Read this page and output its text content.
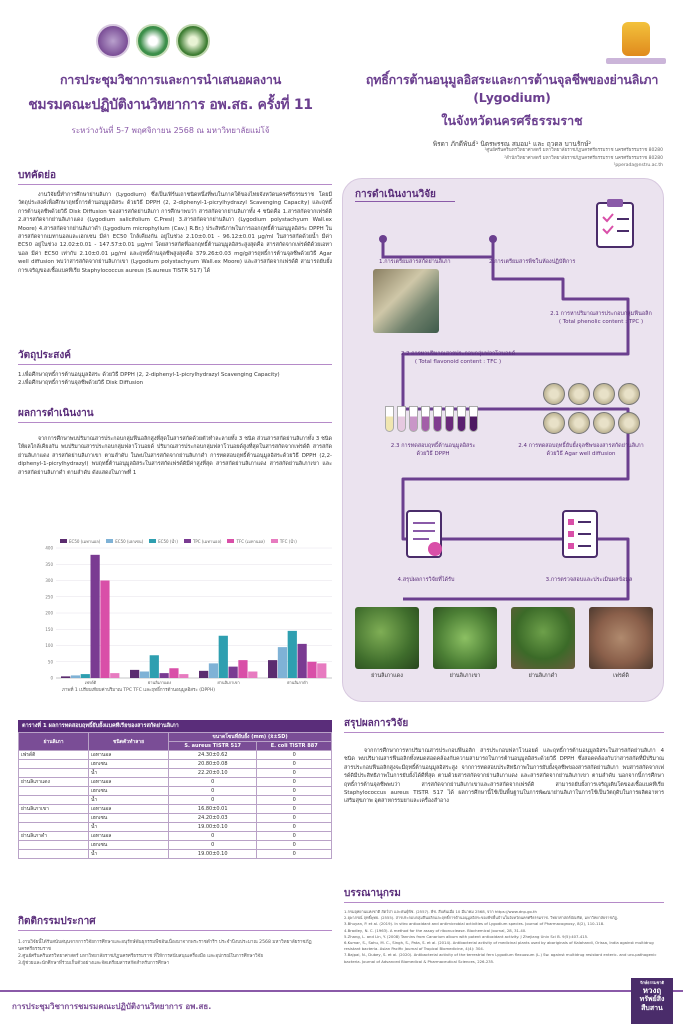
การประชุมวิชาการและการนำเสนอผลงาน
ชมรมคณะปฏิบัติงานวิทยาการ อพ.สธ. ครั้งที่ 11
ระหว่างวันที่ 5-7 พฤศจิกายน 2568 ณ มหาวิทยาลัยแม่โจ้
ฤทธิ์การต้านอนุมูลอิสระและการต้านจุลชีพของย่านลิเภา (Lygodium)
ในจังหวัดนครศรีธรรมราช
พิรดา ภักดีพันธ์¹ นิตรพรรณ สมอม¹ และ ฤวดล บานรักษ์²
¹ศูนย์ศรีนครินทรวิทยาศาสตร์ มหาวิทยาลัยราชภัฏนครศรีธรรมราช นครศรีธรรมราช 80280
²สำนักวิทยาศาสตร์ มหาวิทยาลัยราชภัฏนครศรีธรรมราช นครศรีธรรมราช 80280
¹pperada@nstru.ac.th
บทคัดย่อ
งานวิจัยนี้ทำการศึกษาย่านลิเภา (Lygodium) ซึ่งเป็นเฟิร์นเถาชนิดหนึ่งที่พบในภาคใต้ของไทยจังหวัดนครศรีธรรมราช โดยมีวัตถุประสงค์เพื่อศึกษาฤทธิ์การต้านอนุมูลอิสระ ด้วยวิธี DPPH (2, 2-diphenyl-1-picrylhydrazyl Scavenging Capacity) และฤทธิ์การต้านจุลชีพด้วยวิธี Disk Diffusion ของสารสกัดย่านลิเภา การศึกษาพบว่า สารสกัดจากย่านลิเภาทั้ง 4 ชนิดคือ 1.สารสกัดจากเฟรด์ดิ 2.สารสกัดจากย่านลิเภาแดง (Lygodium salicifolium C.Presl) 3.สารสกัดจากย่านลิเภา (Lygodium polystachyum Wall.ex Moore) 4.สารสกัดจากย่านลิเภาดำ (Lygodium microphyllum (Cav.) R.Br.) ประสิทธิภาพในการออกฤทธิ์ต้านอนุมูลอิสระ DPPH ในสารสกัดจากเมทานอลและเฮกเซน มีค่า EC50 ใกล้เคียงกัน อยู่ในช่วง 2.10±0.01 - 96.12±0.01 μg/ml ในสารสกัดด้วยน้ำ มีค่า EC50 อยู่ในช่วง 12.02±0.01 - 147.57±0.01 μg/ml โดยสารสกัดที่ออกฤทธิ์ต้านอนุมูลอิสระสูงสุดคือ สารสกัดจากเฟรด์ดิด้วยเอทานอล มีค่า EC50 เท่ากับ 2.10±0.01 μg/ml และฤทธิ์ด้านจุลชีพสูงสุดคือ 379.26±0.03 mg/gสารฤทธิ์การต้านจุลชีพด้วยวิธี Agar well diffusion พบว่าสารสกัดจากย่านลิเภาเขา (Lygodium polystachyum Wall.ex Moore) และสารสกัดจากเฟรด์ดิ สามารถยับยั้งการเจริญของเชื้อแบคทีเรีย Staphylococcus aureus (S.aureus TISTR 517) ได้
วัตถุประสงค์
1.เพื่อศึกษาฤทธิ์การต้านอนุมูลอิสระ ด้วยวิธี DPPH (2, 2-diphenyl-1-picrylhydrazyl Scavenging Capacity)
2.เพื่อศึกษาฤทธิ์การต้านจุลชีพด้วยวิธี Disk Diffusion
ผลการดำเนินงาน
จากการศึกษาพบปริมาณสารประกอบกลุ่มฟีนอลิกสูงที่สุดในสารสกัดด้วยตัวทำละลายทั้ง 3 ชนิด ส่วนสารสกัดย่านลิเภาทั้ง 3 ชนิดให้ผลใกล้เคียงกัน พบปริมาณสารประกอบกลุ่มฟลาโวนอยด์ ปริมาณสารประกอบกลุ่มฟลาโวนอยด์สูงที่สุดในสารสกัดจากเฟรด์ดิ สารสกัดย่านลิเภาแดง สารสกัดย่านลิเภาเขา ตามลำดับ ในพบในสารสกัดจากย่านลิเภาดำ การทดสอบฤทธิ์ต้านอนุมูลอิสระด้วยวิธี DPPH (2,2-diphenyl-1-picrylhydrazyl) พบฤทธิ์ต้านอนุมูลอิสระในสารสกัดเฟรด์ดิมีค่าสูงที่สุด สารสกัดย่านลิเภาแดง สารสกัดย่านลิเภาเขา และ สารสกัดย่านลิเภาดำ ตามลำดับ ดังแสดงในภาพที่ 1
EC50 (เมทานอล)	EC50 (เฮกเซน)	EC50 (น้ำ)	TPC (เมทานอล)	TFC (เมทานอล)	TFC (น้ำ)
0
50
100
150
200
250
300
350
400
เฟรด์ดิ	ย่านลิเภาแดง	ย่านลิเภาเขา	ย่านลิเภาดำ
ภาพที่ 1 เปรียบเทียบค่าปริมาณ TPC TFC และฤทธิ์การต้านอนุมูลอิสระ (DPPH)
ตารางที่ 1 ผลการทดสอบฤทธิ์ยับยั้งแบคทีเรียของสารสกัดย่านลิเภา
ย่านลิเภา	ชนิดตัวทำลาย	ขนาดโซนที่ยับยั้ง (mm) (x̄±SD)	
		S. aureus TISTR 517	E. coli TISTR 887
เฟรด์ดิ	เอทานอล	24.30±0.62	0
	เฮกเซน	20.80±0.08	0
	น้ำ	22.20±0.10	0
ย่านลิเภาแดง	เอทานอล	0	0
	เฮกเซน	0	0
	น้ำ	0	0
ย่านลิเภาเขา	เอทานอล	16.80±0.01	0
	เฮกเซน	24.20±0.03	0
	น้ำ	19.00±0.10	0
ย่านลิเภาดำ	เอทานอล	0	0
	เฮกเซน	0	0
	น้ำ	19.00±0.10	0
กิตติกรรมประกาศ
1.งานวิจัยนี้ได้รับสนับสนุนจากการวิจัยการศึกษาและอนุรักษ์พันธุกรรมพืชอันเนื่องมาจากพระราชดำริฯ ประจำปีงบประมาณ 2568 มหาวิทยาลัยราชภัฏนครศรีธรรมราช
2.ศูนย์ศรีนครินทรวิทยาศาสตร์ มหาวิทยาลัยราชภัฏนครศรีธรรมราช ที่ให้การสนับสนุนเครื่องมือ และอุปกรณ์ในการศึกษาวิจัย
3.ผู้ช่วยและนักศึกษาที่ร่วมเก็บตัวอย่างและจัดเตรียมสารสกัดสำหรับการศึกษา
การดำเนินงานวิจัย
1.การเตรียมสารสกัดย่านลิเภา	2.การเตรียมสารพืชในห้องปฏิบัติการ
2.1 การหาปริมาณสารประกอบกลุ่มฟีนอลิก
( Total phenolic content : TPC )
2.2 การหาปริมาณสารประกอบกลุ่มฟลาโวนอยด์
( Total flavonoid content : TFC )
2.3 การทดสอบฤทธิ์ต้านอนุมูลอิสระ
ด้วยวิธี DPPH
2.4 การทดสอบฤทธิ์ยับยั้งจุลชีพของสารสกัดย่านลิเภา
ด้วยวิธี Agar well diffusion
4.สรุปผลการวิจัยที่ได้รับ	3.การตรวจสอบและประเมินผลข้อมูล
ย่านลิเภาแดง	ย่านลิเภาเขา	ย่านลิเภาดำ	เฟรด์ดิ
สรุปผลการวิจัย
จากการศึกษาการหาปริมาณสารประกอบฟีนอลิก สารประกอบฟลาโวนอยด์ และฤทธิ์การต้านอนุมูลอิสระในสารสกัดย่านลิเภา 4 ชนิด พบปริมาณสารฟีนอลิกทั้งหมดสอดคล้องกับความสามารถในการต้านอนุมูลอิสระด้วยวิธี DPPH ซึ่งสอดคล้องกับว่าสารสกัดที่มีปริมาณสารประกอบฟีนอลิกสูงจะมีฤทธิ์ต้านอนุมูลอิสระสูง จากการทดสอบประสิทธิภาพในการยับยั้งจุลชีพของสารสกัดย่านลิเภา พบสารสกัดจากเฟรด์ดิมีประสิทธิภาพในการยับยั้งได้ดีที่สุด ตามด้วยสารสกัดจากย่านลิเภาแดง และสารสกัดจากย่านลิเภาเขา ตามลำดับ นอกจากนี้การศึกษาฤทธิ์การต้านจุลชีพพบว่า สารสกัดจากย่านลิเภาเขาและสารสกัดจากเฟรด์ดิ สามารถยับยั้งการเจริญเติบโตของเชื้อแบคทีเรีย Staphylococcus aureus TISTR 517 ได้ ผลการศึกษานี้ใช้เป็นพื้นฐานในการพัฒนาย่านลิเภาในการใช้เป็นวัตถุดิบในการผลิตอาหารเสริมสุขภาพ อุตสาหกรรมยาและเครื่องสำอาง
บรรณานุกรม
1.กรมอุทยานแห่งชาติ สัตว์ป่า และพันธุ์พืช. (2557). พืช. สืบค้นเมื่อ 10 มีนาคม 2568, จาก https://www.dnp.go.th
2.ยุพาภรณ์ ฤทธิ์พุทธ. (2555). สารประกอบกลุ่มฟีนอลิกและฤทธิ์การต้านอนุมูลอิสระของพืชพื้นบ้านในจังหวัดนครศรีธรรมราช. วิทยาศาสตร์บัณฑิต, มหาวิทยาลัยราชภัฏ.
3.Bhuyan, P. et al. (2019). In vitro antioxidant and antimicrobial activities of Lygodium species. Journal of Pharmacognosy, 8(2), 110-118.
4.Bradley, N. C. (1963). A method for the assay of ribonuclease. Biochemical Journal, 28, 31-40.
5.Zhang, L. and Lin, Y. (2008) Tannins from Canarium album with potent antioxidant activity. J Zhejiang Univ Sci B. 9(5):407-415.
6.Kumar, S., Sahu, M. C., Singh, S., Pata, S. et al. (2014). Antibacterial activity of medicinal plants used by aboriginals of Kalahandi, Orissa, India against multidrug resistant bacteria. Asian Pacific Journal of Tropical Biomedicine, 4(4): 304.
7.Bajpai, N., Dubey, S. et al. (2020). Antibacterial activity of the terrestrial fern Lygodium flexuosum (L.) Sw. against multidrug resistant enteric- and uro-pathogenic bacteria. Journal of Advanced Biomedical & Pharmaceutical Sciences, 226-235.
การประชุมวิชาการชมรมคณะปฏิบัติงานวิทยาการ อพ.สธ.
รักษ์ธรรมชาติ
หวงฤ
ทรัพย์สิ่ง
สืบสาน
